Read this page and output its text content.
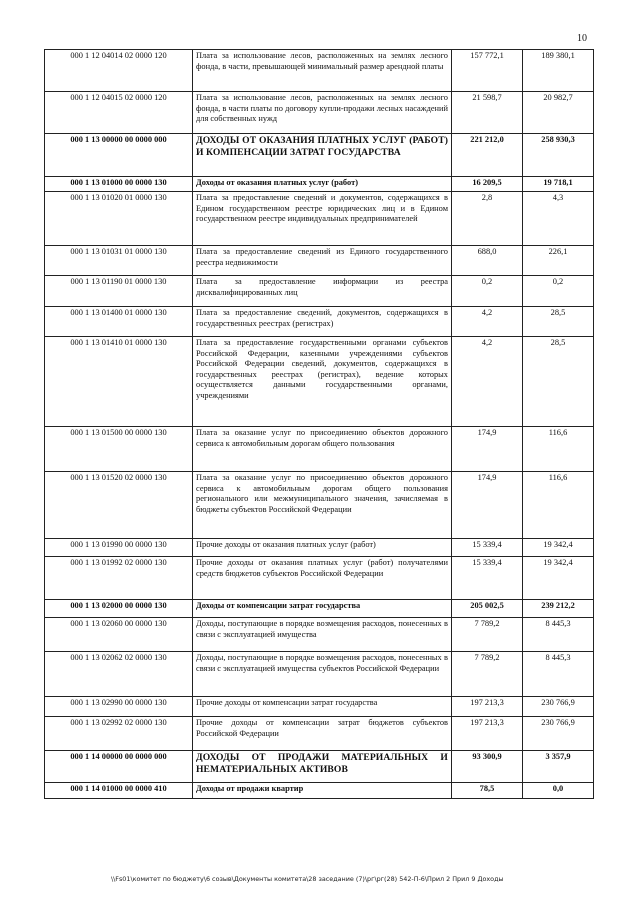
10
000 1 12 04014 02 0000 120	Плата за использование лесов, расположенных на землях лесного фонда, в части, превышающей минимальный размер арендной платы	157 772,1	189 380,1
000 1 12 04015 02 0000 120	Плата за использование лесов, расположенных на землях лесного фонда, в части платы по договору купли-продажи лесных насаждений для собственных нужд	21 598,7	20 982,7
000 1 13 00000 00 0000 000	ДОХОДЫ ОТ ОКАЗАНИЯ ПЛАТНЫХ УСЛУГ (РАБОТ) И КОМПЕНСАЦИИ ЗАТРАТ ГОСУДАРСТВА	221 212,0	258 930,3
000 1 13 01000 00 0000 130	Доходы от оказания платных услуг (работ)	16 209,5	19 718,1
000 1 13 01020 01 0000 130	Плата за предоставление сведений и документов, содержащихся в Едином государственном реестре юридических лиц и в Едином государственном реестре индивидуальных предпринимателей	2,8	4,3
000 1 13 01031 01 0000 130	Плата за предоставление сведений из Единого государственного реестра недвижимости	688,0	226,1
000 1 13 01190 01 0000 130	Плата за предоставление информации из реестра дисквалифицированных лиц	0,2	0,2
000 1 13 01400 01 0000 130	Плата за предоставление сведений, документов, содержащихся в государственных реестрах (регистрах)	4,2	28,5
000 1 13 01410 01 0000 130	Плата за предоставление государственными органами субъектов Российской Федерации, казенными учреждениями субъектов Российской Федерации сведений, документов, содержащихся в государственных реестрах (регистрах), ведение которых осуществляется данными государственными органами, учреждениями	4,2	28,5
000 1 13 01500 00 0000 130	Плата за оказание услуг по присоединению объектов дорожного сервиса к автомобильным дорогам общего пользования	174,9	116,6
000 1 13 01520 02 0000 130	Плата за оказание услуг по присоединению объектов дорожного сервиса к автомобильным дорогам общего пользования регионального или межмуниципального значения, зачисляемая в бюджеты субъектов Российской Федерации	174,9	116,6
000 1 13 01990 00 0000 130	Прочие доходы от оказания платных услуг (работ)	15 339,4	19 342,4
000 1 13 01992 02 0000 130	Прочие доходы от оказания платных услуг (работ) получателями средств бюджетов субъектов Российской Федерации	15 339,4	19 342,4
000 1 13 02000 00 0000 130	Доходы от компенсации затрат государства	205 002,5	239 212,2
000 1 13 02060 00 0000 130	Доходы, поступающие в порядке возмещения расходов, понесенных в связи с эксплуатацией имущества	7 789,2	8 445,3
000 1 13 02062 02 0000 130	Доходы, поступающие в порядке возмещения расходов, понесенных в связи с эксплуатацией имущества субъектов Российской Федерации	7 789,2	8 445,3
000 1 13 02990 00 0000 130	Прочие доходы от компенсации затрат государства	197 213,3	230 766,9
000 1 13 02992 02 0000 130	Прочие доходы от компенсации затрат бюджетов субъектов Российской Федерации	197 213,3	230 766,9
000 1 14 00000 00 0000 000	ДОХОДЫ ОТ ПРОДАЖИ МАТЕРИАЛЬНЫХ И НЕМАТЕРИАЛЬНЫХ АКТИВОВ	93 300,9	3 357,9
000 1 14 01000 00 0000 410	Доходы от продажи квартир	78,5	0,0
\\Fs01\комитет по бюджету\6 созыв\Документы комитета\28 заседание (7)\рг\рг(28) 542-П-6\Прил 2 Прил 9 Доходы
